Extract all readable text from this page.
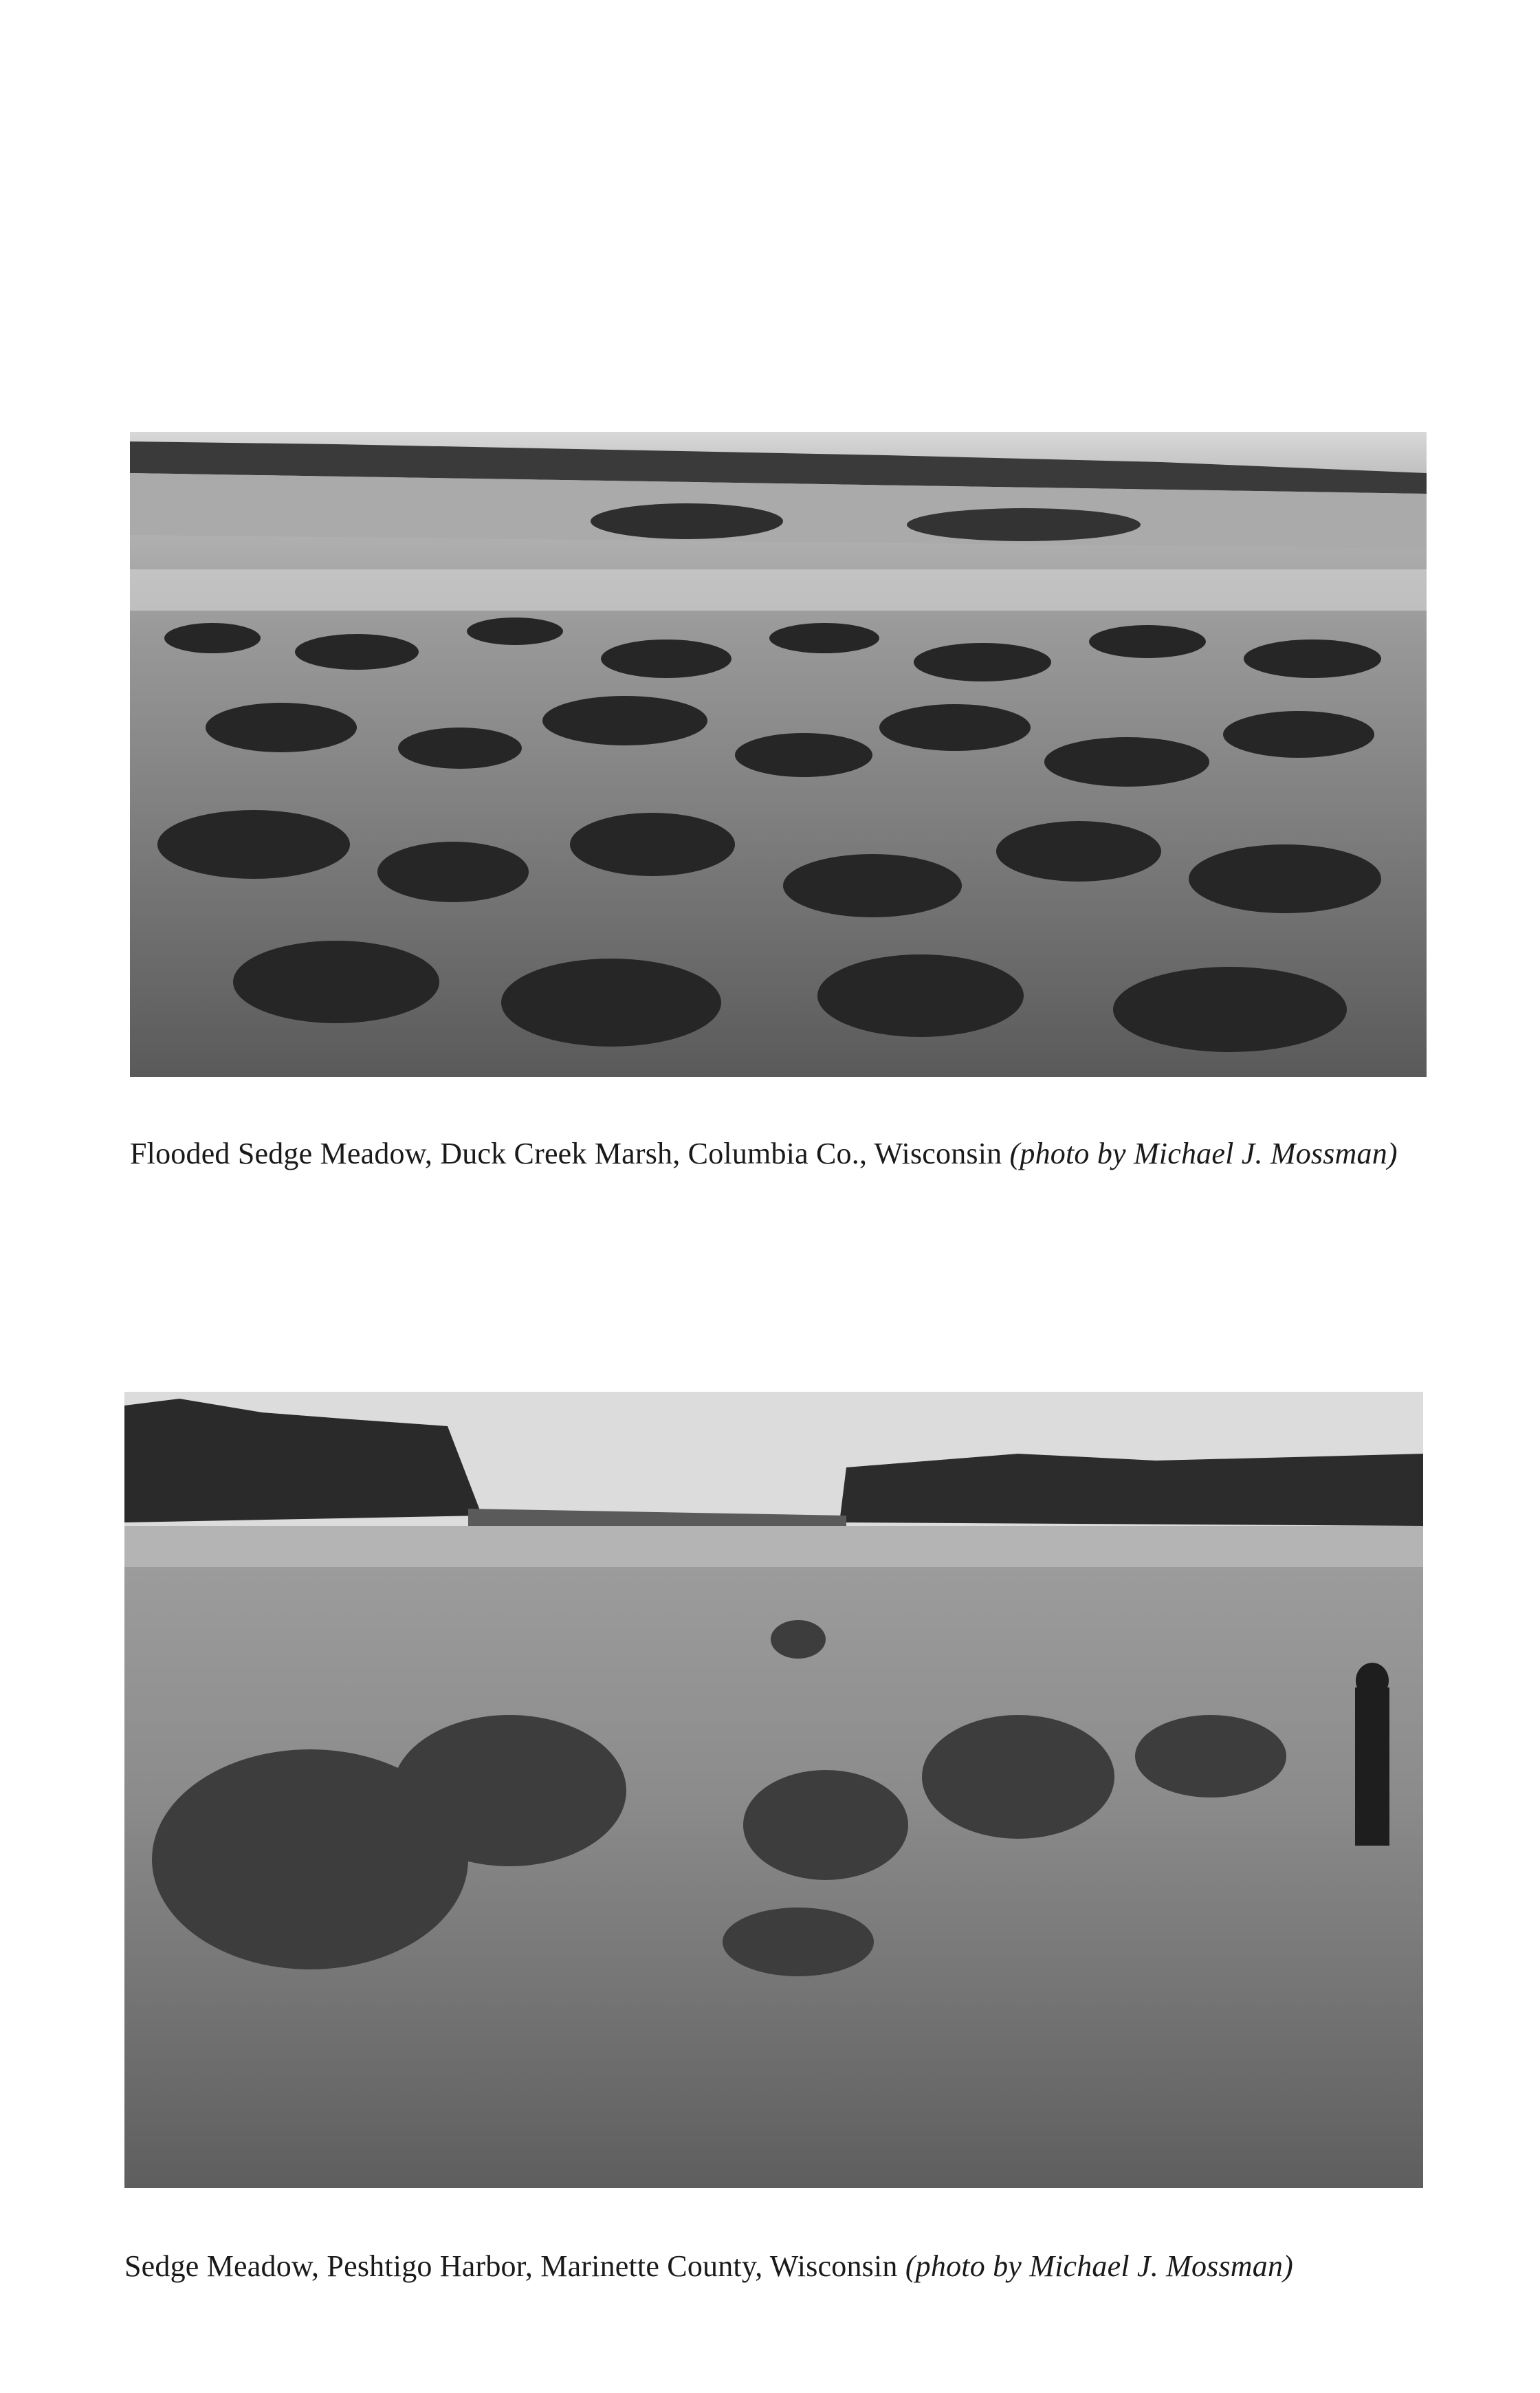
Flooded Sedge Meadow, Duck Creek Marsh, Columbia Co., Wisconsin (photo by Michael J. Mossman)
Sedge Meadow, Peshtigo Harbor, Marinette County, Wisconsin (photo by Michael J. Mossman)
